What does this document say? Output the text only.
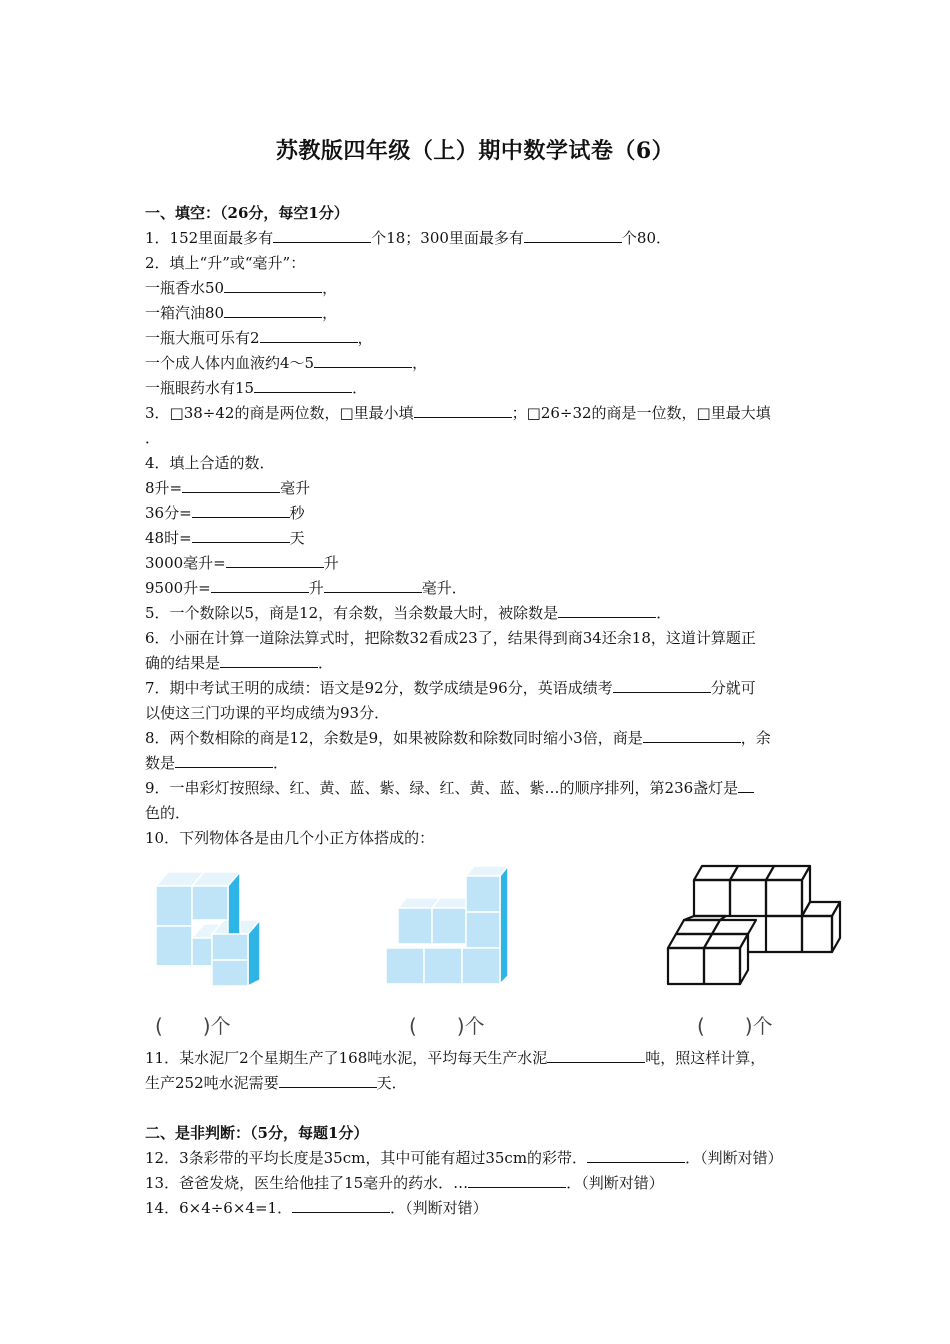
苏教版四年级（上）期中数学试卷（6）
一、填空：（26分，每空1分）
1．152里面最多有	个18；300里面最多有	个80．
2．填上“升”或“毫升”：
一瓶香水50	，
一箱汽油80	，
一瓶大瓶可乐有2	，
一个成人体内血液约4～5	，
一瓶眼药水有15	．
3．□38÷42的商是两位数，□里最小填	；□26÷32的商是一位数，□里最大填
．
4．填上合适的数．
8升=	毫升
36分=	秒
48时=	天
3000毫升=	升
9500升=	升	毫升．
5．一个数除以5，商是12，有余数，当余数最大时，被除数是	．
6．小丽在计算一道除法算式时，把除数32看成23了，结果得到商34还余18，这道计算题正
确的结果是	．
7．期中考试王明的成绩：语文是92分，数学成绩是96分，英语成绩考	分就可
以使这三门功课的平均成绩为93分．
8．两个数相除的商是12，余数是9，如果被除数和除数同时缩小3倍，商是	，余
数是	．
9．一串彩灯按照绿、红、黄、蓝、紫、绿、红、黄、蓝、紫…的顺序排列，第236盏灯是
色的．
10．下列物体各是由几个小正方体搭成的：
(　　)个	(　　)个	(　　)个
11．某水泥厂2个星期生产了168吨水泥，平均每天生产水泥	吨，照这样计算，
生产252吨水泥需要	天．
二、是非判断：（5分，每题1分）
12．3条彩带的平均长度是35cm，其中可能有超过35cm的彩带．	．（判断对错）
13．爸爸发烧，医生给他挂了15毫升的药水．…	．（判断对错）
14．6×4÷6×4=1．	．（判断对错）
